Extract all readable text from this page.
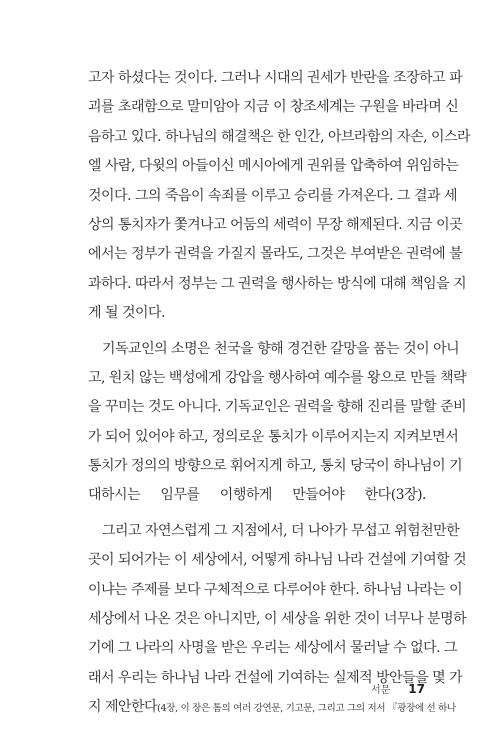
고자 하셨다는 것이다. 그러나 시대의 권세가 반란을 조장하고 파
괴를 초래함으로 말미암아 지금 이 창조세계는 구원을 바라며 신
음하고 있다. 하나님의 해결책은 한 인간, 아브라함의 자손, 이스라
엘 사람, 다윗의 아들이신 메시아에게 권위를 압축하여 위임하는
것이다. 그의 죽음이 속죄를 이루고 승리를 가져온다. 그 결과 세
상의 통치자가 쫓겨나고 어둠의 세력이 무장 해제된다. 지금 이곳
에서는 정부가 권력을 가질지 몰라도, 그것은 부여받은 권력에 불
과하다. 따라서 정부는 그 권력을 행사하는 방식에 대해 책임을 지
게 될 것이다.
기독교인의 소명은 천국을 향해 경건한 갈망을 품는 것이 아니
고, 원치 않는 백성에게 강압을 행사하여 예수를 왕으로 만들 책략
을 꾸미는 것도 아니다. 기독교인은 권력을 향해 진리를 말할 준비
가 되어 있어야 하고, 정의로운 통치가 이루어지는지 지켜보면서
통치가 정의의 방향으로 휘어지게 하고, 통치 당국이 하나님이 기
대하시는 임무를 이행하게 만들어야 한다(3장).
그리고 자연스럽게 그 지점에서, 더 나아가 무섭고 위험천만한
곳이 되어가는 이 세상에서, 어떻게 하나님 나라 건설에 기여할 것
이냐는 주제를 보다 구체적으로 다루어야 한다. 하나님 나라는 이
세상에서 나온 것은 아니지만, 이 세상을 위한 것이 너무나 분명하
기에 그 나라의 사명을 받은 우리는 세상에서 물러날 수 없다. 그
래서 우리는 하나님 나라 건설에 기여하는 실제적 방안들을 몇 가
지 제안한다(4장, 이 장은 톰의 여러 강연문, 기고문, 그리고 그의 저서 『광장에 선 하나
서문 17
